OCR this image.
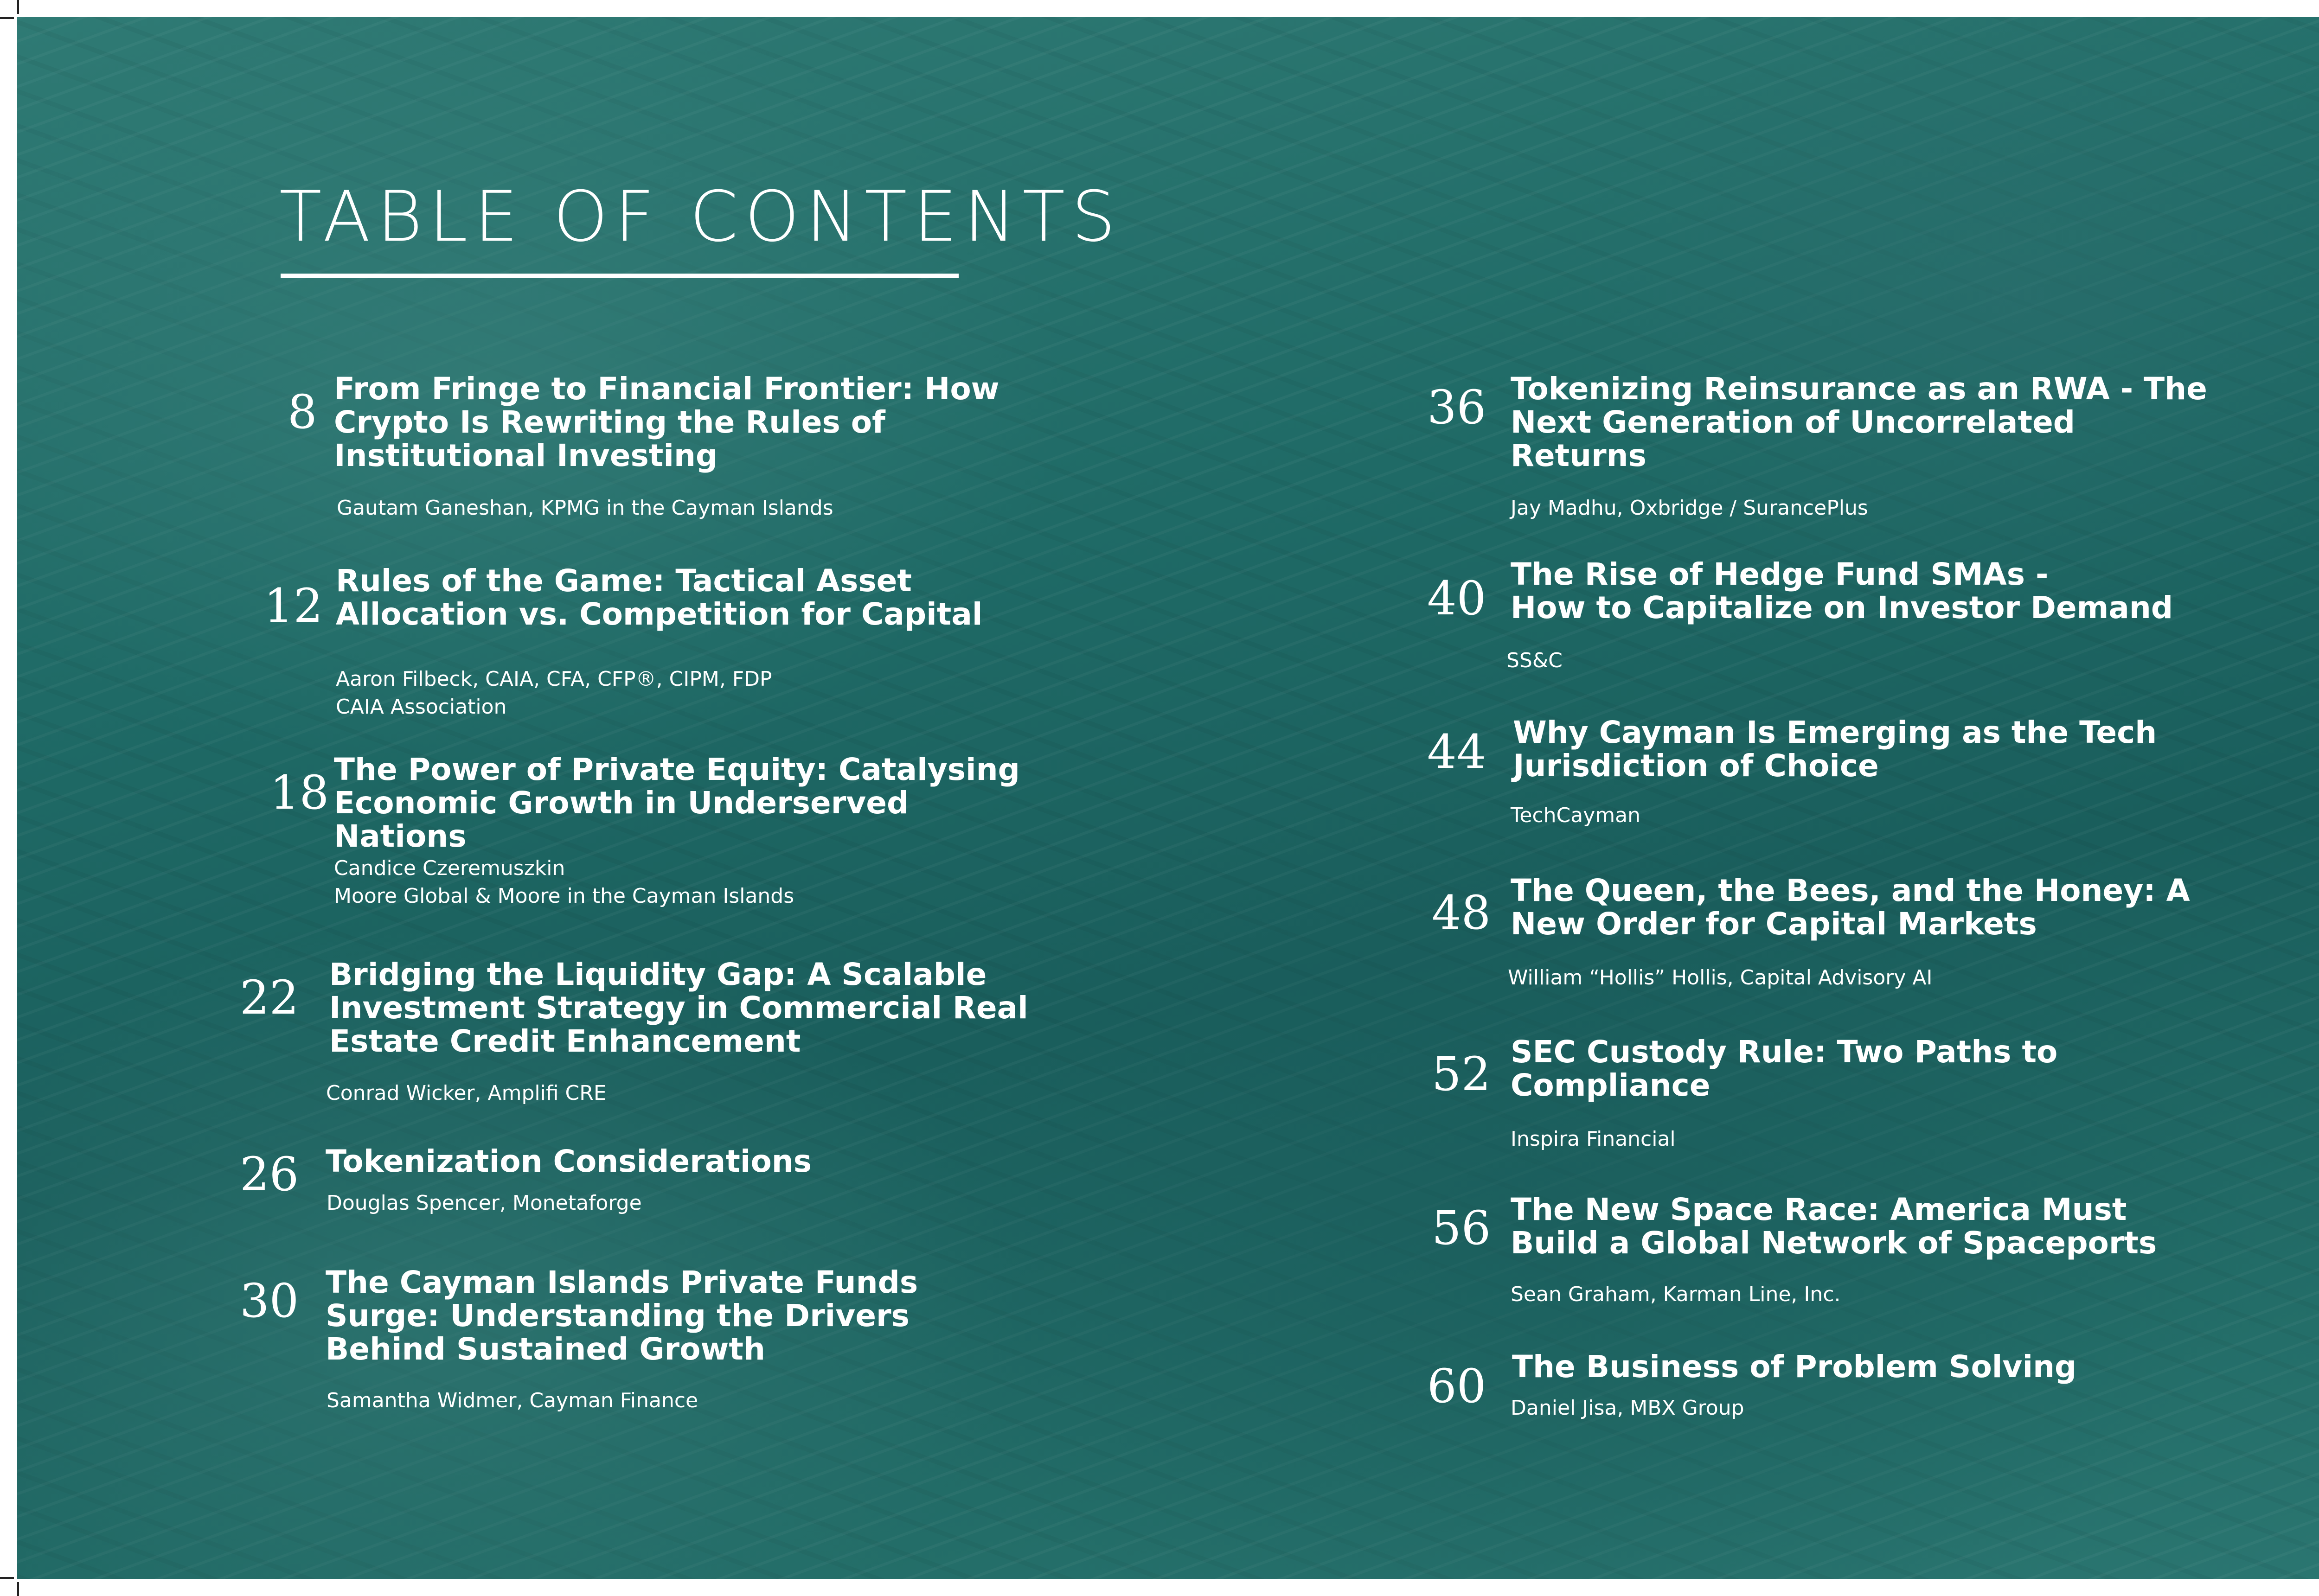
TABLE OF CONTENTS
8 From Fringe to Financial Frontier: How
Crypto Is Rewriting the Rules of
Institutional Investing
Gautam Ganeshan, KPMG in the Cayman Islands
12 Rules of the Game: Tactical Asset
Allocation vs. Competition for Capital
Aaron Filbeck, CAIA, CFA, CFP®, CIPM, FDP
CAIA Association
18 The Power of Private Equity: Catalysing
Economic Growth in Underserved
Nations
Candice Czeremuszkin
Moore Global & Moore in the Cayman Islands
22 Bridging the Liquidity Gap: A Scalable
Investment Strategy in Commercial Real
Estate Credit Enhancement
Conrad Wicker, Amplifi CRE
26 Tokenization Considerations
Douglas Spencer, Monetaforge
30 The Cayman Islands Private Funds
Surge: Understanding the Drivers
Behind Sustained Growth
Samantha Widmer, Cayman Finance
36 Tokenizing Reinsurance as an RWA - The
Next Generation of Uncorrelated
Returns
Jay Madhu, Oxbridge / SurancePlus
40 The Rise of Hedge Fund SMAs -
How to Capitalize on Investor Demand
SS&C
44 Why Cayman Is Emerging as the Tech
Jurisdiction of Choice
TechCayman
48 The Queen, the Bees, and the Honey: A
New Order for Capital Markets
William “Hollis” Hollis, Capital Advisory AI
52 SEC Custody Rule: Two Paths to
Compliance
Inspira Financial
56 The New Space Race: America Must
Build a Global Network of Spaceports
Sean Graham, Karman Line, Inc.
60 The Business of Problem Solving
Daniel Jisa, MBX Group
